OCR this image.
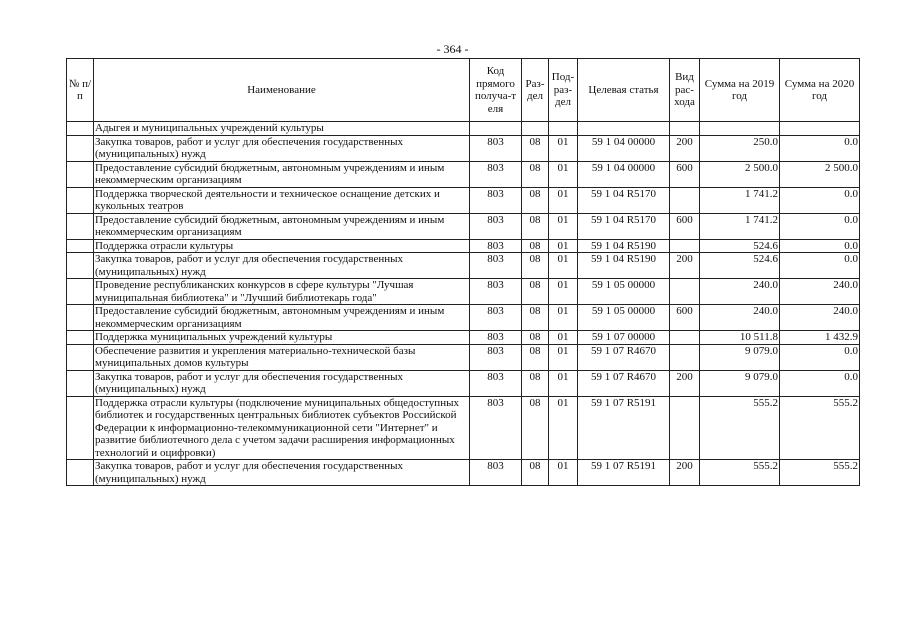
- 364 -
№ п/п	Наименование	Код прямого получа-т еля	Раз- дел	Под- раз- дел	Целевая статья	Вид рас- хода	Сумма на 2019 год	Сумма на 2020 год
	Адыгея и муниципальных учреждений культуры							
	Закупка товаров, работ и услуг для обеспечения государственных (муниципальных) нужд	803	08	01	59 1 04 00000	200	250.0	0.0
	Предоставление субсидий бюджетным, автономным учреждениям и иным некоммерческим организациям	803	08	01	59 1 04 00000	600	2 500.0	2 500.0
	Поддержка творческой деятельности и техническое оснащение детских и кукольных театров	803	08	01	59 1 04 R5170		1 741.2	0.0
	Предоставление субсидий бюджетным, автономным учреждениям и иным некоммерческим организациям	803	08	01	59 1 04 R5170	600	1 741.2	0.0
	Поддержка отрасли культуры	803	08	01	59 1 04 R5190		524.6	0.0
	Закупка товаров, работ и услуг для обеспечения государственных (муниципальных) нужд	803	08	01	59 1 04 R5190	200	524.6	0.0
	Проведение республиканских конкурсов в сфере культуры "Лучшая муниципальная библиотека" и "Лучший библиотекарь года"	803	08	01	59 1 05 00000		240.0	240.0
	Предоставление субсидий бюджетным, автономным учреждениям и иным некоммерческим организациям	803	08	01	59 1 05 00000	600	240.0	240.0
	Поддержка муниципальных учреждений культуры	803	08	01	59 1 07 00000		10 511.8	1 432.9
	Обеспечение развития и укрепления материально-технической базы муниципальных домов культуры	803	08	01	59 1 07 R4670		9 079.0	0.0
	Закупка товаров, работ и услуг для обеспечения государственных (муниципальных) нужд	803	08	01	59 1 07 R4670	200	9 079.0	0.0
	Поддержка отрасли культуры (подключение муниципальных общедоступных библиотек и государственных центральных библиотек субъектов Российской Федерации к информационно-телекоммуникационной сети "Интернет" и развитие библиотечного дела с учетом задачи расширения информационных технологий и оцифровки)	803	08	01	59 1 07 R5191		555.2	555.2
	Закупка товаров, работ и услуг для обеспечения государственных (муниципальных) нужд	803	08	01	59 1 07 R5191	200	555.2	555.2
